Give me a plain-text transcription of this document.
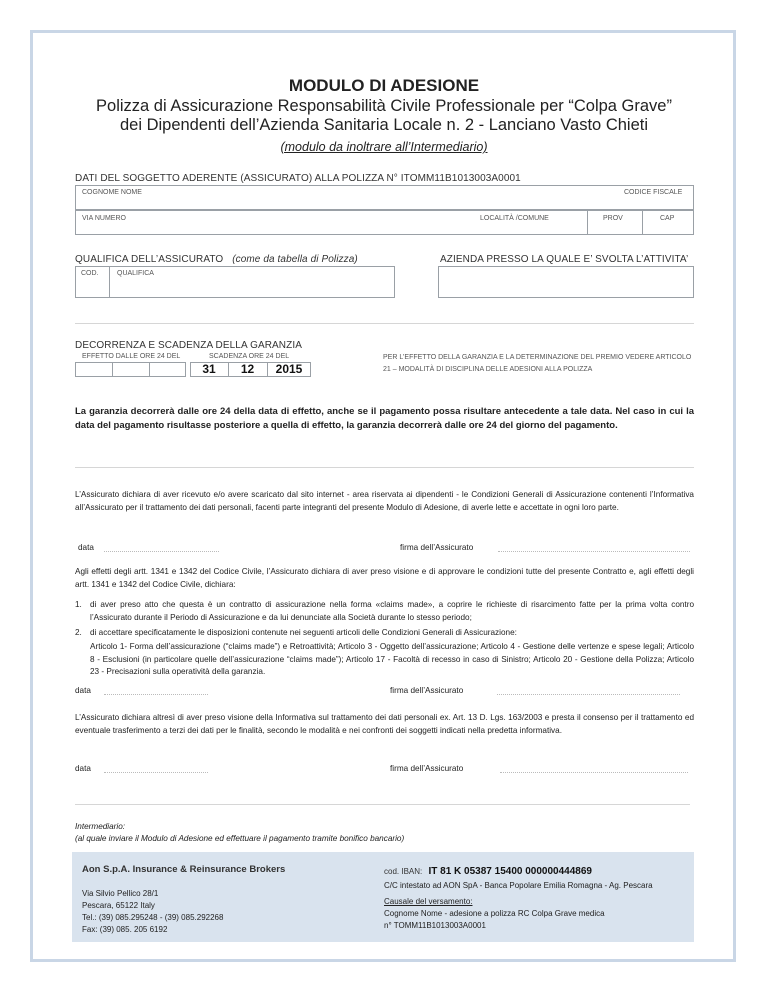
MODULO DI ADESIONE
Polizza di Assicurazione Responsabilità Civile Professionale per “Colpa Grave”
dei Dipendenti dell’Azienda Sanitaria Locale n. 2 - Lanciano Vasto Chieti
(modulo da inoltrare all’Intermediario)
DATI DEL SOGGETTO ADERENTE (ASSICURATO) ALLA POLIZZA N° ITOMM11B1013003A0001
COGNOME NOME	CODICE FISCALE
VIA NUMERO	LOCALITÀ /COMUNE	PROV	CAP
QUALIFICA DELL’ASSICURATO (come da tabella di Polizza)	AZIENDA PRESSO LA QUALE E’ SVOLTA L’ATTIVITA’
COD.	QUALIFICA
DECORRENZA E SCADENZA DELLA GARANZIA
EFFETTO DALLE ORE 24 DEL	SCADENZA ORE 24 DEL
31	12	2015
PER L’EFFETTO DELLA GARANZIA E LA DETERMINAZIONE DEL PREMIO VEDERE ARTICOLO
21 – MODALITÀ DI DISCIPLINA DELLE ADESIONI ALLA POLIZZA
La garanzia decorrerà dalle ore 24 della data di effetto, anche se il pagamento possa risultare antecedente a tale data. Nel caso in cui la data del pagamento risultasse posteriore a quella di effetto, la garanzia decorrerà dalle ore 24 del giorno del pagamento.
L’Assicurato dichiara di aver ricevuto e/o avere scaricato dal sito internet - area riservata ai dipendenti - le Condizioni Generali di Assicurazione contenenti l’Informativa all’Assicurato per il trattamento dei dati personali, facenti parte integranti del presente Modulo di Adesione, di averle lette e accettate in ogni loro parte.
data	firma dell’Assicurato
Agli effetti degli artt. 1341 e 1342 del Codice Civile, l’Assicurato dichiara di aver preso visione e di approvare le condizioni tutte del presente Contratto e, agli effetti degli artt. 1341 e 1342 del Codice Civile, dichiara:
1. di aver preso atto che questa è un contratto di assicurazione nella forma «claims made», a coprire le richieste di risarcimento fatte per la prima volta contro l’Assicurato durante il Periodo di Assicurazione e da lui denunciate alla Società durante lo stesso periodo;
2. di accettare specificatamente le disposizioni contenute nei seguenti articoli delle Condizioni Generali di Assicurazione:
Articolo 1- Forma dell’assicurazione (“claims made”) e Retroattività; Articolo 3 - Oggetto dell’assicurazione; Articolo 4 - Gestione delle vertenze e spese legali; Articolo 8 - Esclusioni (in particolare quelle dell’assicurazione “claims made”); Articolo 17 - Facoltà di recesso in caso di Sinistro; Articolo 20 - Gestione della Polizza; Articolo 23 - Precisazioni sulla operatività della garanzia.
data	firma dell’Assicurato
L’Assicurato dichiara altresì di aver preso visione della Informativa sul trattamento dei dati personali ex. Art. 13 D. Lgs. 163/2003 e presta il consenso per il trattamento ed eventuale trasferimento a terzi dei dati per le finalità, secondo le modalità e nei confronti dei soggetti indicati nella predetta informativa.
data	firma dell’Assicurato
Intermediario:
(al quale inviare il Modulo di Adesione ed effettuare il pagamento tramite bonifico bancario)
Aon S.p.A. Insurance & Reinsurance Brokers
Via Silvio Pellico 28/1
Pescara, 65122 Italy
Tel.: (39) 085.295248 - (39) 085.292268
Fax: (39) 085. 205 6192
cod. IBAN: IT 81 K 05387 15400 000000444869
C/C intestato ad AON SpA - Banca Popolare Emilia Romagna - Ag. Pescara
Causale del versamento:
Cognome Nome - adesione a polizza RC Colpa Grave medica
n° TOMM11B1013003A0001
